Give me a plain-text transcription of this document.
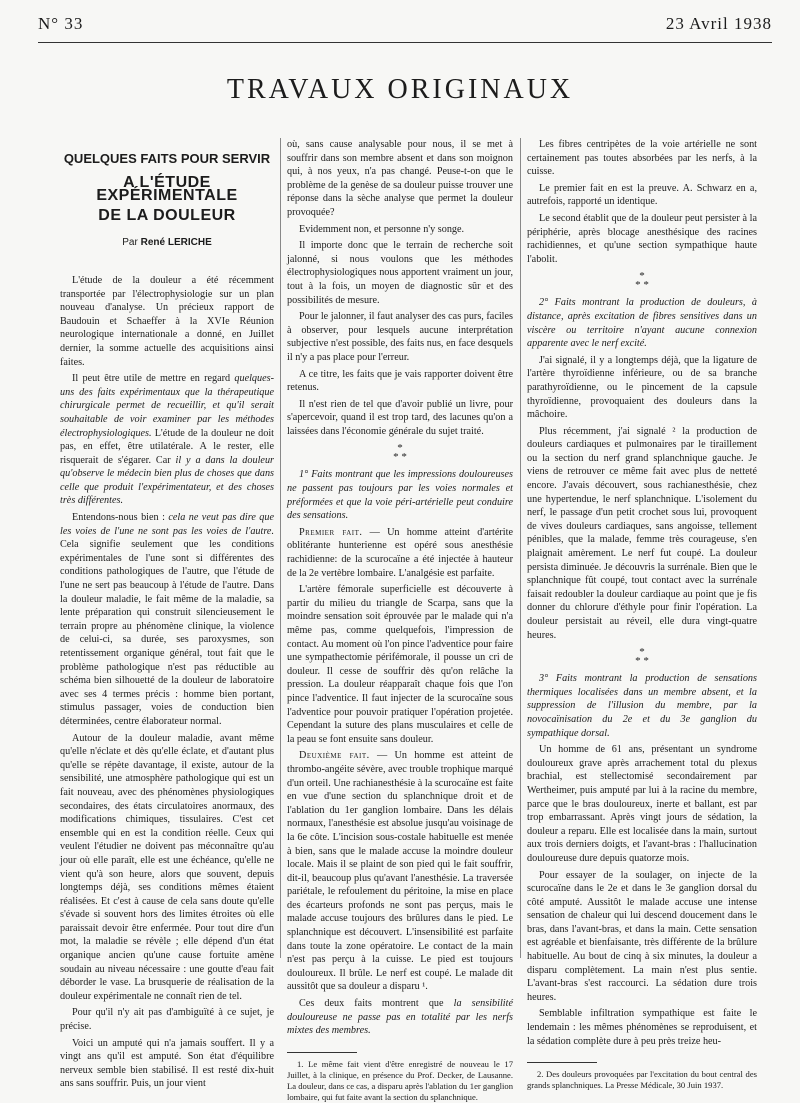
N° 33	23 Avril 1938
TRAVAUX ORIGINAUX
QUELQUES FAITS POUR SERVIR
A L'ÉTUDE EXPÉRIMENTALE
DE LA DOULEUR
Par René LERICHE

L'étude de la douleur a été récemment transportée par l'électrophysiologie sur un plan nouveau d'analyse. Un précieux rapport de Baudouin et Schaeffer à la XVIe Réunion neurologique internationale a donné, en Juillet dernier, la somme actuelle des acquisitions ainsi faites.

Il peut être utile de mettre en regard quelques-uns des faits expérimentaux que la thérapeutique chirurgicale permet de recueillir, et qu'il serait souhaitable de voir examiner par les méthodes électrophysiologiques. L'étude de la douleur ne doit pas, en effet, être utilatérale. A le rester, elle risquerait de s'égarer. Car il y a dans la douleur qu'observe le médecin bien plus de choses que dans celle que produit l'expérimentateur, et des choses très différentes.

Entendons-nous bien : cela ne veut pas dire que les voies de l'une ne sont pas les voies de l'autre. Cela signifie seulement que les conditions expérimentales de l'une sont si différentes des conditions pathologiques de l'autre, que l'étude de l'une ne sert pas beaucoup à l'étude de l'autre. Dans la douleur maladie, le fait même de la maladie, sa lente préparation qui construit silencieusement le terrain propre au phénomène clinique, la violence de celui-ci, sa durée, ses paroxysmes, son retentissement organique général, tout fait que le problème pathologique n'est pas réductible au schéma bien silhouetté de la douleur de laboratoire avec ses 4 termes précis : homme bien portant, stimulus passager, voies de conduction bien déterminées, centre élaborateur normal.

Autour de la douleur maladie, avant même qu'elle n'éclate et dès qu'elle éclate, et d'autant plus qu'elle se répète davantage, il existe, autour de la sensibilité, une atmosphère pathologique qui est un fait nouveau, avec des phénomènes physiologiques secondaires, des états circulatoires anormaux, des modifications chimiques, tissulaires. C'est cet ensemble qui en est la condition réelle. Ceux qui veulent l'étudier ne doivent pas méconnaître qu'au jour où elle paraît, elle est une échéance, qu'elle ne vient qu'à son heure, alors que souvent, depuis longtemps déjà, ses conditions mêmes étaient réalisées. Et c'est à cause de cela sans doute qu'elle s'évade si souvent hors des limites étroites où elle paraissait devoir être enfermée. Pour tout dire d'un mot, la maladie se révèle ; elle dépend d'un état organique ancien qu'une cause fortuite amène soudain au niveau nécessaire : une goutte d'eau fait déborder le vase. La brusquerie de réalisation de la douleur expérimentale ne connaît rien de tel.

Pour qu'il n'y ait pas d'ambiguïté à ce sujet, je précise.

Voici un amputé qui n'a jamais souffert. Il y a vingt ans qu'il est amputé. Son état d'équilibre nerveux semble bien stabilisé. Il est resté dix-huit ans sans souffrir. Puis, un jour vient

où, sans cause analysable pour nous, il se met à souffrir dans son membre absent et dans son moignon qui, à nos yeux, n'a pas changé. Peuse-t-on que le problème de la genèse de sa douleur puisse trouver une réponse dans la sèche analyse que permet la douleur provoquée?

Evidemment non, et personne n'y songe.

Il importe donc que le terrain de recherche soit jalonné, si nous voulons que les méthodes électrophysiologiques nous apportent vraiment un jour, tout à la fois, un moyen de diagnostic sûr et des possibilités de mesure.

Pour le jalonner, il faut analyser des cas purs, faciles à observer, pour lesquels aucune interprétation subjective n'est possible, des faits nus, en face desquels il n'y a pas place pour l'erreur.

A ce titre, les faits que je vais rapporter doivent être retenus.

Il n'est rien de tel que d'avoir publié un livre, pour s'apercevoir, quand il est trop tard, des lacunes qu'on a laissées dans l'économie générale du sujet traité.

*
* *

1° Faits montrant que les impressions douloureuses ne passent pas toujours par les voies normales et préformées et que la voie péri-artérielle peut conduire des sensations.

Premier fait. — Un homme atteint d'artérite oblitérante hunterienne est opéré sous anesthésie rachidienne: de la scurocaïne a été injectée à hauteur de la 2e vertèbre lombaire. L'analgésie est parfaite.

L'artère fémorale superficielle est découverte à partir du milieu du triangle de Scarpa, sans que la moindre sensation soit éprouvée par le malade qui n'a même pas, comme quelquefois, l'impression de contact. Au moment où l'on pince l'adventice pour faire une sympathectomie périfémorale, il pousse un cri de douleur. Il cesse de souffrir dès qu'on relâche la pression. La douleur réapparaît chaque fois que l'on pince l'adventice. Il faut injecter de la scurocaïne sous l'adventice pour pouvoir pratiquer l'opération projetée. Cependant la suture des plans musculaires et celle de la peau se font ensuite sans douleur.

Deuxième fait. — Un homme est atteint de thrombo-angéite sévère, avec trouble trophique marqué d'un orteil. Une rachianesthésie à la scurocaïne est faite en vue d'une section du splanchnique droit et de l'ablation du 1er ganglion lombaire. Dans les délais normaux, l'anesthésie est absolue jusqu'au voisinage de la 6e côte. L'incision sous-costale habituelle est menée à bien, sans que le malade accuse la moindre douleur locale. Mais il se plaint de son pied qui le fait souffrir, dit-il, beaucoup plus qu'avant l'anesthésie. La traversée pariétale, le refoulement du péritoine, la mise en place des écarteurs profonds ne sont pas perçus, mais le malade accuse toujours des brûlures dans le pied. Le splanchnique est découvert. L'insensibilité est parfaite dans toute la zone opératoire. Le contact de la main n'est pas perçu à la cuisse. Le pied est toujours douloureux. Il brûle. Le nerf est coupé. Le malade dit aussitôt que sa douleur a disparu ¹.

Ces deux faits montrent que la sensibilité douloureuse ne passe pas en totalité par les nerfs mixtes des membres.

1. Le même fait vient d'être enregistré de nouveau le 17 Juillet, à la clinique, en présence du Prof. Decker, de Lausanne. La douleur, dans ce cas, a disparu après l'ablation du 1er ganglion lombaire, qui fut faite avant la section du splanchnique.

Les fibres centripètes de la voie artérielle ne sont certainement pas toutes absorbées par les nerfs, à la cuisse.

Le premier fait en est la preuve. A. Schwarz en a, autrefois, rapporté un identique.

Le second établit que de la douleur peut persister à la périphérie, après blocage anesthésique des racines rachidiennes, et qu'une section sympathique haute l'abolit.

*
* *

2° Faits montrant la production de douleurs, à distance, après excitation de fibres sensitives dans un viscère ou territoire n'ayant aucune connexion apparente avec le nerf excité.

J'ai signalé, il y a longtemps déjà, que la ligature de l'artère thyroïdienne inférieure, ou de sa branche parathyroïdienne, ou le pincement de la capsule thyroïdienne, provoquaient des douleurs dans la mâchoire.

Plus récemment, j'ai signalé ² la production de douleurs cardiaques et pulmonaires par le tiraillement ou la section du nerf grand splanchnique gauche. Je viens de retrouver ce même fait avec plus de netteté encore. J'avais découvert, sous rachianesthésie, chez une hypertendue, le nerf splanchnique. L'isolement du nerf, le passage d'un petit crochet sous lui, provoquent de vives douleurs cardiaques, sans angoisse, tellement pénibles, que la malade, femme très courageuse, s'en plaignait amèrement. Le nerf fut coupé. La douleur persista diminuée. Je découvris la surrénale. Bien que le splanchnique fût coupé, tout contact avec la surrénale faisait redoubler la douleur cardiaque au point que je fis donner du chlorure d'éthyle pour finir l'opération. La douleur persistait au réveil, elle dura vingt-quatre heures.

*
* *

3° Faits montrant la production de sensations thermiques localisées dans un membre absent, et la suppression de l'illusion du membre, par la novocaïnisation du 2e et du 3e ganglion du sympathique dorsal.

Un homme de 61 ans, présentant un syndrome douloureux grave après arrachement total du plexus brachial, est stellectomisé secondairement par Wertheimer, puis amputé par lui à la racine du membre, parce que le bras douloureux, inerte et ballant, est par trop embarrassant. Après vingt jours de sédation, la douleur a reparu. Elle est localisée dans la main, surtout aux trois derniers doigts, et l'avant-bras : l'hallucination douloureuse dure depuis quatorze mois.

Pour essayer de la soulager, on injecte de la scurocaïne dans le 2e et dans le 3e ganglion dorsal du côté amputé. Aussitôt le malade accuse une intense sensation de chaleur qui lui descend doucement dans le bras, dans l'avant-bras, et dans la main. Cette sensation est agréable et bienfaisante, très différente de la brûlure habituelle. Au bout de cinq à six minutes, la douleur a disparu complètement. La main n'est plus sentie. L'avant-bras s'est raccourci. La sédation dure trois heures.

Semblable infiltration sympathique est faite le lendemain : les mêmes phénomènes se reproduisent, et la sédation complète dure à peu près treize heu-

2. Des douleurs provoquées par l'excitation du bout central des grands splanchniques. La Presse Médicale, 30 Juin 1937.
